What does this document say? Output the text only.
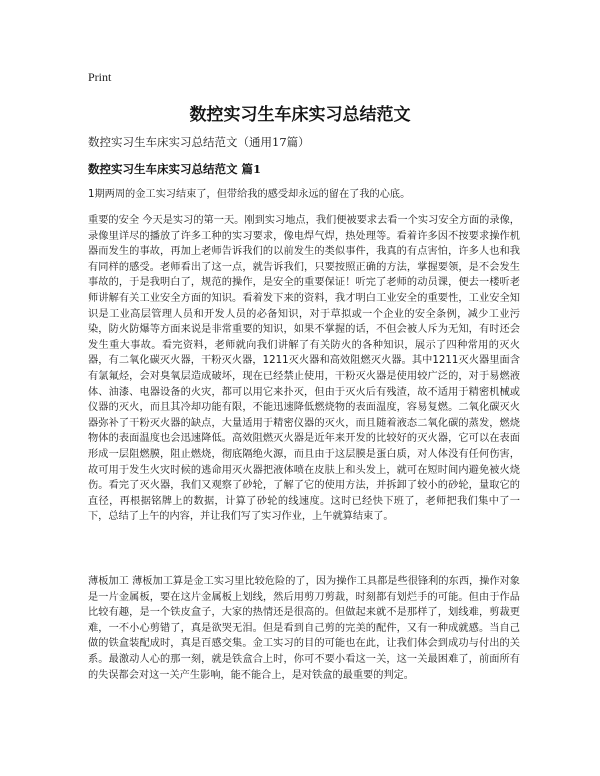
Print
数控实习生车床实习总结范文
数控实习生车床实习总结范文（通用17篇）
数控实习生车床实习总结范文 篇1

1期两周的金工实习结束了，但带给我的感受却永远的留在了我的心底。

重要的安全 今天是实习的第一天。刚到实习地点，我们便被要求去看一个实习安全方面的录像，录像里详尽的播放了许多工种的实习要求，像电焊气焊，热处理等。看着许多因不按要求操作机器而发生的事故，再加上老师告诉我们的以前发生的类似事件，我真的有点害怕，许多人也和我有同样的感受。老师看出了这一点，就告诉我们，只要按照正确的方法，掌握要领，是不会发生事故的，于是我明白了，规范的操作，是安全的重要保证！听完了老师的动员课，便去一楼听老师讲解有关工业安全方面的知识。看着发下来的资料，我才明白工业安全的重要性，工业安全知识是工业高层管理人员和开发人员的必备知识，对于草拟或一个企业的安全条例，减少工业污染，防火防爆等方面来说是非常重要的知识，如果不掌握的话，不但会被人斥为无知，有时还会发生重大事故。看完资料，老师就向我们讲解了有关防火的各种知识，展示了四种常用的灭火器，有二氧化碳灭火器，干粉灭火器，1211灭火器和高效阻燃灭火器。其中1211灭火器里面含有氯氟烃，会对臭氧层造成破坏，现在已经禁止使用，干粉灭火器是使用较广泛的，对于易燃液体、油漆、电器设备的火灾，都可以用它来扑灭，但由于灭火后有残渣，故不适用于精密机械或仪器的灭火，而且其冷却功能有限，不能迅速降低燃烧物的表面温度，容易复燃。二氧化碳灭火器弥补了干粉灭火器的缺点，大量适用于精密仪器的灭火，而且随着液态二氧化碳的蒸发，燃烧物体的表面温度也会迅速降低。高效阻燃灭火器是近年来开发的比较好的灭火器，它可以在表面形成一层阻燃膜，阻止燃烧，彻底隔绝火源，而且由于这层膜是蛋白质，对人体没有任何伤害，故可用于发生火灾时候的逃命用灭火器把液体喷在皮肤上和头发上，就可在短时间内避免被火烧伤。看完了灭火器，我们又观察了砂轮，了解了它的使用方法，并拆卸了较小的砂轮，量取它的直径，再根据铭牌上的数据，计算了砂轮的线速度。这时已经快下班了，老师把我们集中了一下，总结了上午的内容，并让我们写了实习作业，上午就算结束了。

薄板加工 薄板加工算是金工实习里比较危险的了，因为操作工具都是些很锋利的东西，操作对象是一片金属板，要在这片金属板上划线，然后用剪刀剪裁，时刻都有划烂手的可能。但由于作品比较有趣，是一个铁皮盒子，大家的热情还是很高的。但做起来就不是那样了，划线难，剪裁更难，一不小心剪错了，真是欲哭无泪。但是看到自己剪的完美的配件，又有一种成就感。当自己做的铁盒装配成时，真是百感交集。金工实习的目的可能也在此，让我们体会到成功与付出的关系。最激动人心的那一刻，就是铁盒合上时，你可不要小看这一关，这一关最困难了，前面所有的失误都会对这一关产生影响，能不能合上，是对铁盒的最重要的判定。
